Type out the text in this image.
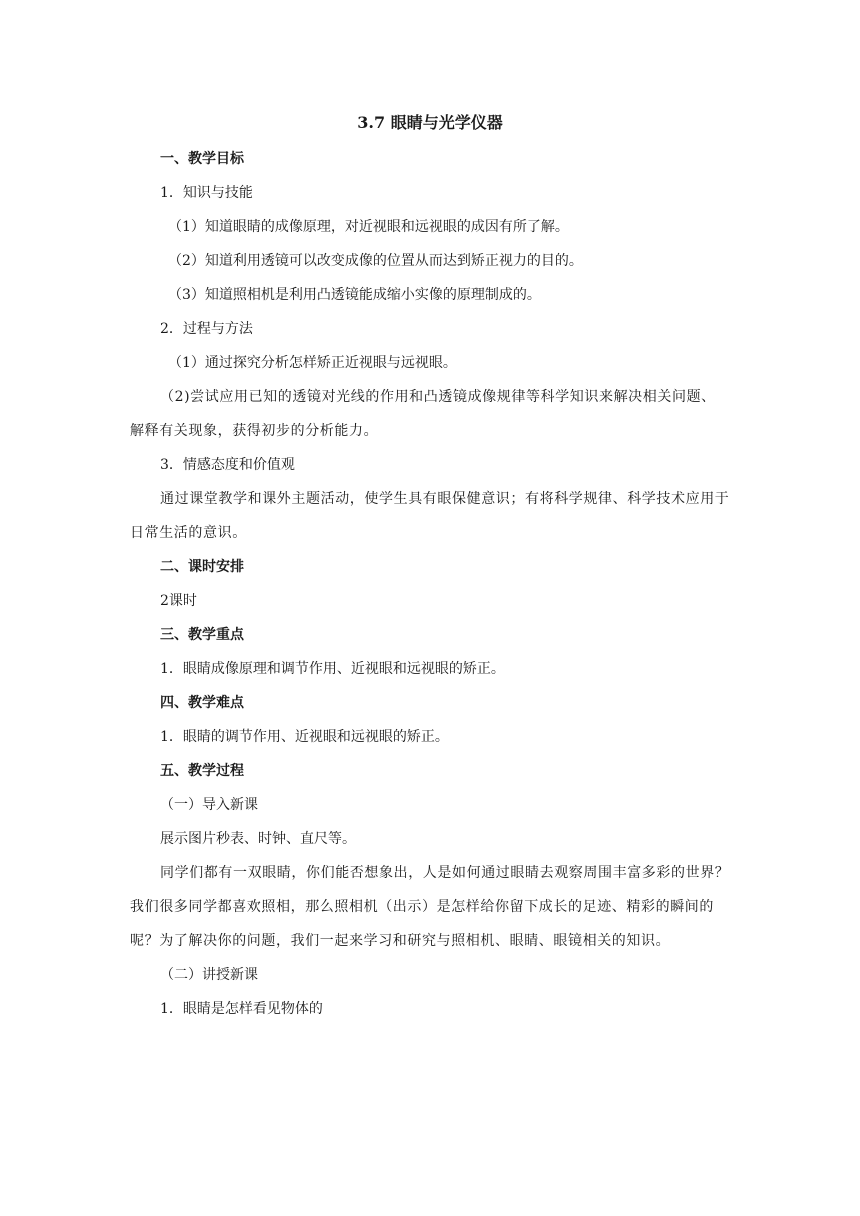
3.7 眼睛与光学仪器
一、教学目标
1．知识与技能
（1）知道眼睛的成像原理，对近视眼和远视眼的成因有所了解。
（2）知道利用透镜可以改变成像的位置从而达到矫正视力的目的。
（3）知道照相机是利用凸透镜能成缩小实像的原理制成的。
2．过程与方法
（1）通过探究分析怎样矫正近视眼与远视眼。
（2)尝试应用已知的透镜对光线的作用和凸透镜成像规律等科学知识来解决相关问题、解释有关现象，获得初步的分析能力。
3．情感态度和价值观
通过课堂教学和课外主题活动，使学生具有眼保健意识；有将科学规律、科学技术应用于日常生活的意识。
二、课时安排
2课时
三、教学重点
1．眼睛成像原理和调节作用、近视眼和远视眼的矫正。
四、教学难点
1．眼睛的调节作用、近视眼和远视眼的矫正。
五、教学过程
（一）导入新课
展示图片秒表、时钟、直尺等。
同学们都有一双眼睛，你们能否想象出，人是如何通过眼睛去观察周围丰富多彩的世界？我们很多同学都喜欢照相，那么照相机（出示）是怎样给你留下成长的足迹、精彩的瞬间的呢？为了解决你的问题，我们一起来学习和研究与照相机、眼睛、眼镜相关的知识。
（二）讲授新课
1．眼睛是怎样看见物体的
